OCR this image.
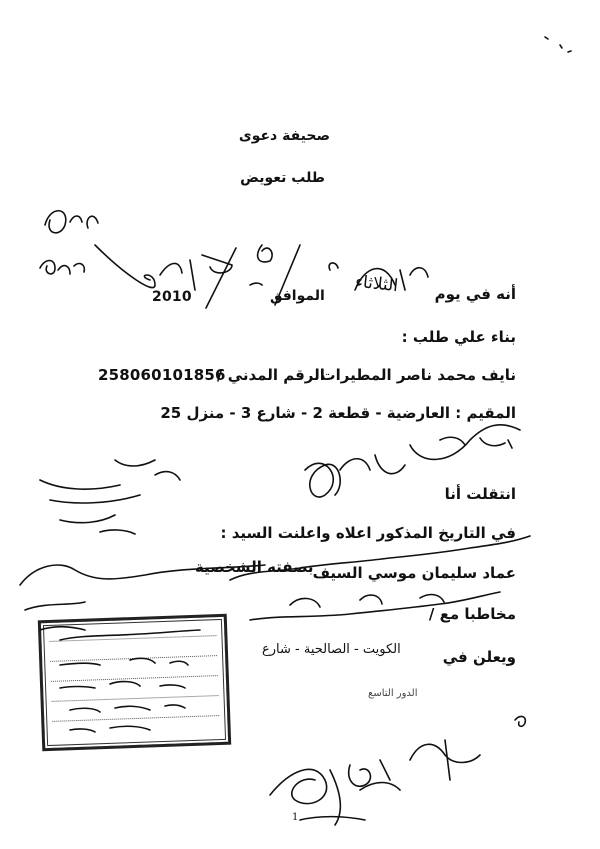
صحيفة دعوى
طلب تعويض
أنه في يوم
الثلاثاء
الموافق
2010
بناء علي طلب :
نايف محمد ناصر المطيرات
الرقم المدني /
258060101856
المقيم : العارضية - قطعة 2 - شارع 3 - منزل 25
انتقلت أنا
في التاريخ المذكور اعلاه واعلنت السيد :
عماد سليمان موسي السيف
بصفته الشخصية
مخاطبا مع /
ويعلن في
الكويت - الصالحية - شارع
الدور التاسع
1
